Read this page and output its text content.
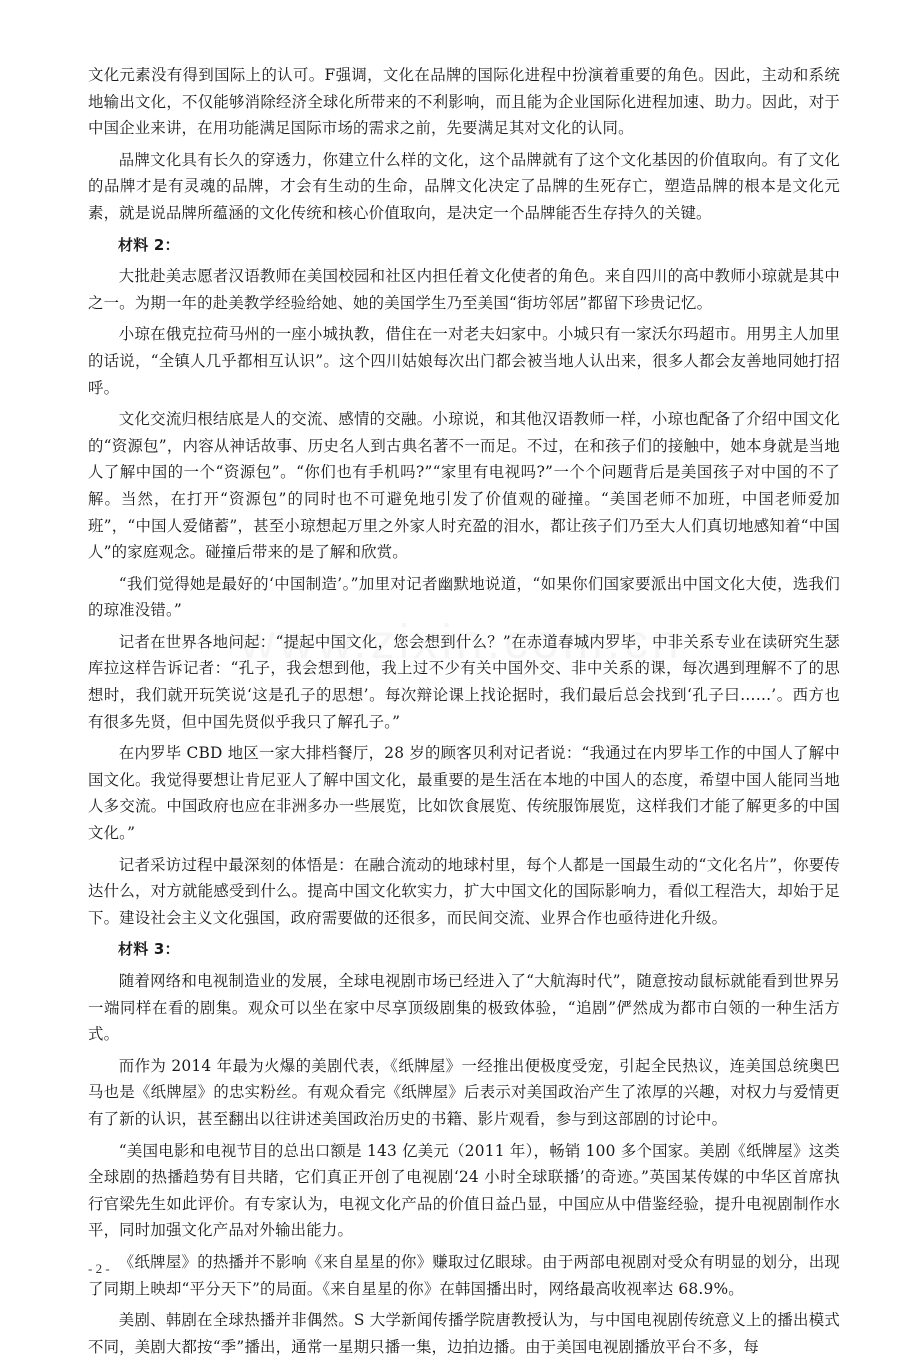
文化元素没有得到国际上的认可。F强调，文化在品牌的国际化进程中扮演着重要的角色。因此，主动和系统地输出文化，不仅能够消除经济全球化所带来的不利影响，而且能为企业国际化进程加速、助力。因此，对于中国企业来讲，在用功能满足国际市场的需求之前，先要满足其对文化的认同。

品牌文化具有长久的穿透力，你建立什么样的文化，这个品牌就有了这个文化基因的价值取向。有了文化的品牌才是有灵魂的品牌，才会有生动的生命，品牌文化决定了品牌的生死存亡，塑造品牌的根本是文化元素，就是说品牌所蕴涵的文化传统和核心价值取向，是决定一个品牌能否生存持久的关键。

材料 2：

大批赴美志愿者汉语教师在美国校园和社区内担任着文化使者的角色。来自四川的高中教师小琼就是其中之一。为期一年的赴美教学经验给她、她的美国学生乃至美国“街坊邻居”都留下珍贵记忆。

小琼在俄克拉荷马州的一座小城执教，借住在一对老夫妇家中。小城只有一家沃尔玛超市。用男主人加里的话说，“全镇人几乎都相互认识”。这个四川姑娘每次出门都会被当地人认出来，很多人都会友善地同她打招呼。

文化交流归根结底是人的交流、感情的交融。小琼说，和其他汉语教师一样，小琼也配备了介绍中国文化的“资源包”，内容从神话故事、历史名人到古典名著不一而足。不过，在和孩子们的接触中，她本身就是当地人了解中国的一个“资源包”。“你们也有手机吗?”“家里有电视吗?”一个个问题背后是美国孩子对中国的不了解。当然，在打开“资源包”的同时也不可避免地引发了价值观的碰撞。“美国老师不加班，中国老师爱加班”，“中国人爱储蓄”，甚至小琼想起万里之外家人时充盈的泪水，都让孩子们乃至大人们真切地感知着“中国人”的家庭观念。碰撞后带来的是了解和欣赏。

“我们觉得她是最好的‘中国制造’。”加里对记者幽默地说道，“如果你们国家要派出中国文化大使，选我们的琼准没错。”

记者在世界各地问起：“提起中国文化，您会想到什么？”在赤道春城内罗毕，中非关系专业在读研究生瑟库拉这样告诉记者：“孔子，我会想到他，我上过不少有关中国外交、非中关系的课，每次遇到理解不了的思想时，我们就开玩笑说‘这是孔子的思想’。每次辩论课上找论据时，我们最后总会找到‘孔子曰……’。西方也有很多先贤，但中国先贤似乎我只了解孔子。”

在内罗毕 CBD 地区一家大排档餐厅，28 岁的顾客贝利对记者说：“我通过在内罗毕工作的中国人了解中国文化。我觉得要想让肯尼亚人了解中国文化，最重要的是生活在本地的中国人的态度，希望中国人能同当地人多交流。中国政府也应在非洲多办一些展览，比如饮食展览、传统服饰展览，这样我们才能了解更多的中国文化。”

记者采访过程中最深刻的体悟是：在融合流动的地球村里，每个人都是一国最生动的“文化名片”，你要传达什么，对方就能感受到什么。提高中国文化软实力，扩大中国文化的国际影响力，看似工程浩大，却始于足下。建设社会主义文化强国，政府需要做的还很多，而民间交流、业界合作也亟待进化升级。

材料 3：

随着网络和电视制造业的发展，全球电视剧市场已经进入了“大航海时代”，随意按动鼠标就能看到世界另一端同样在看的剧集。观众可以坐在家中尽享顶级剧集的极致体验，“追剧”俨然成为都市白领的一种生活方式。

而作为 2014 年最为火爆的美剧代表，《纸牌屋》一经推出便极度受宠，引起全民热议，连美国总统奥巴马也是《纸牌屋》的忠实粉丝。有观众看完《纸牌屋》后表示对美国政治产生了浓厚的兴趣，对权力与爱情更有了新的认识，甚至翻出以往讲述美国政治历史的书籍、影片观看，参与到这部剧的讨论中。

“美国电影和电视节目的总出口额是 143 亿美元（2011 年），畅销 100 多个国家。美剧《纸牌屋》这类全球剧的热播趋势有目共睹，它们真正开创了电视剧‘24 小时全球联播’的奇迹。”英国某传媒的中华区首席执行官梁先生如此评价。有专家认为，电视文化产品的价值日益凸显，中国应从中借鉴经验，提升电视剧制作水平，同时加强文化产品对外输出能力。

《纸牌屋》的热播并不影响《来自星星的你》赚取过亿眼球。由于两部电视剧对受众有明显的划分，出现了同期上映却“平分天下”的局面。《来自星星的你》在韩国播出时，网络最高收视率达 68.9%。

美剧、韩剧在全球热播并非偶然。S 大学新闻传播学院唐教授认为，与中国电视剧传统意义上的播出模式不同，美剧大都按“季”播出，通常一星期只播一集，边拍边播。由于美国电视剧播放平台不多，每

- 2 -
